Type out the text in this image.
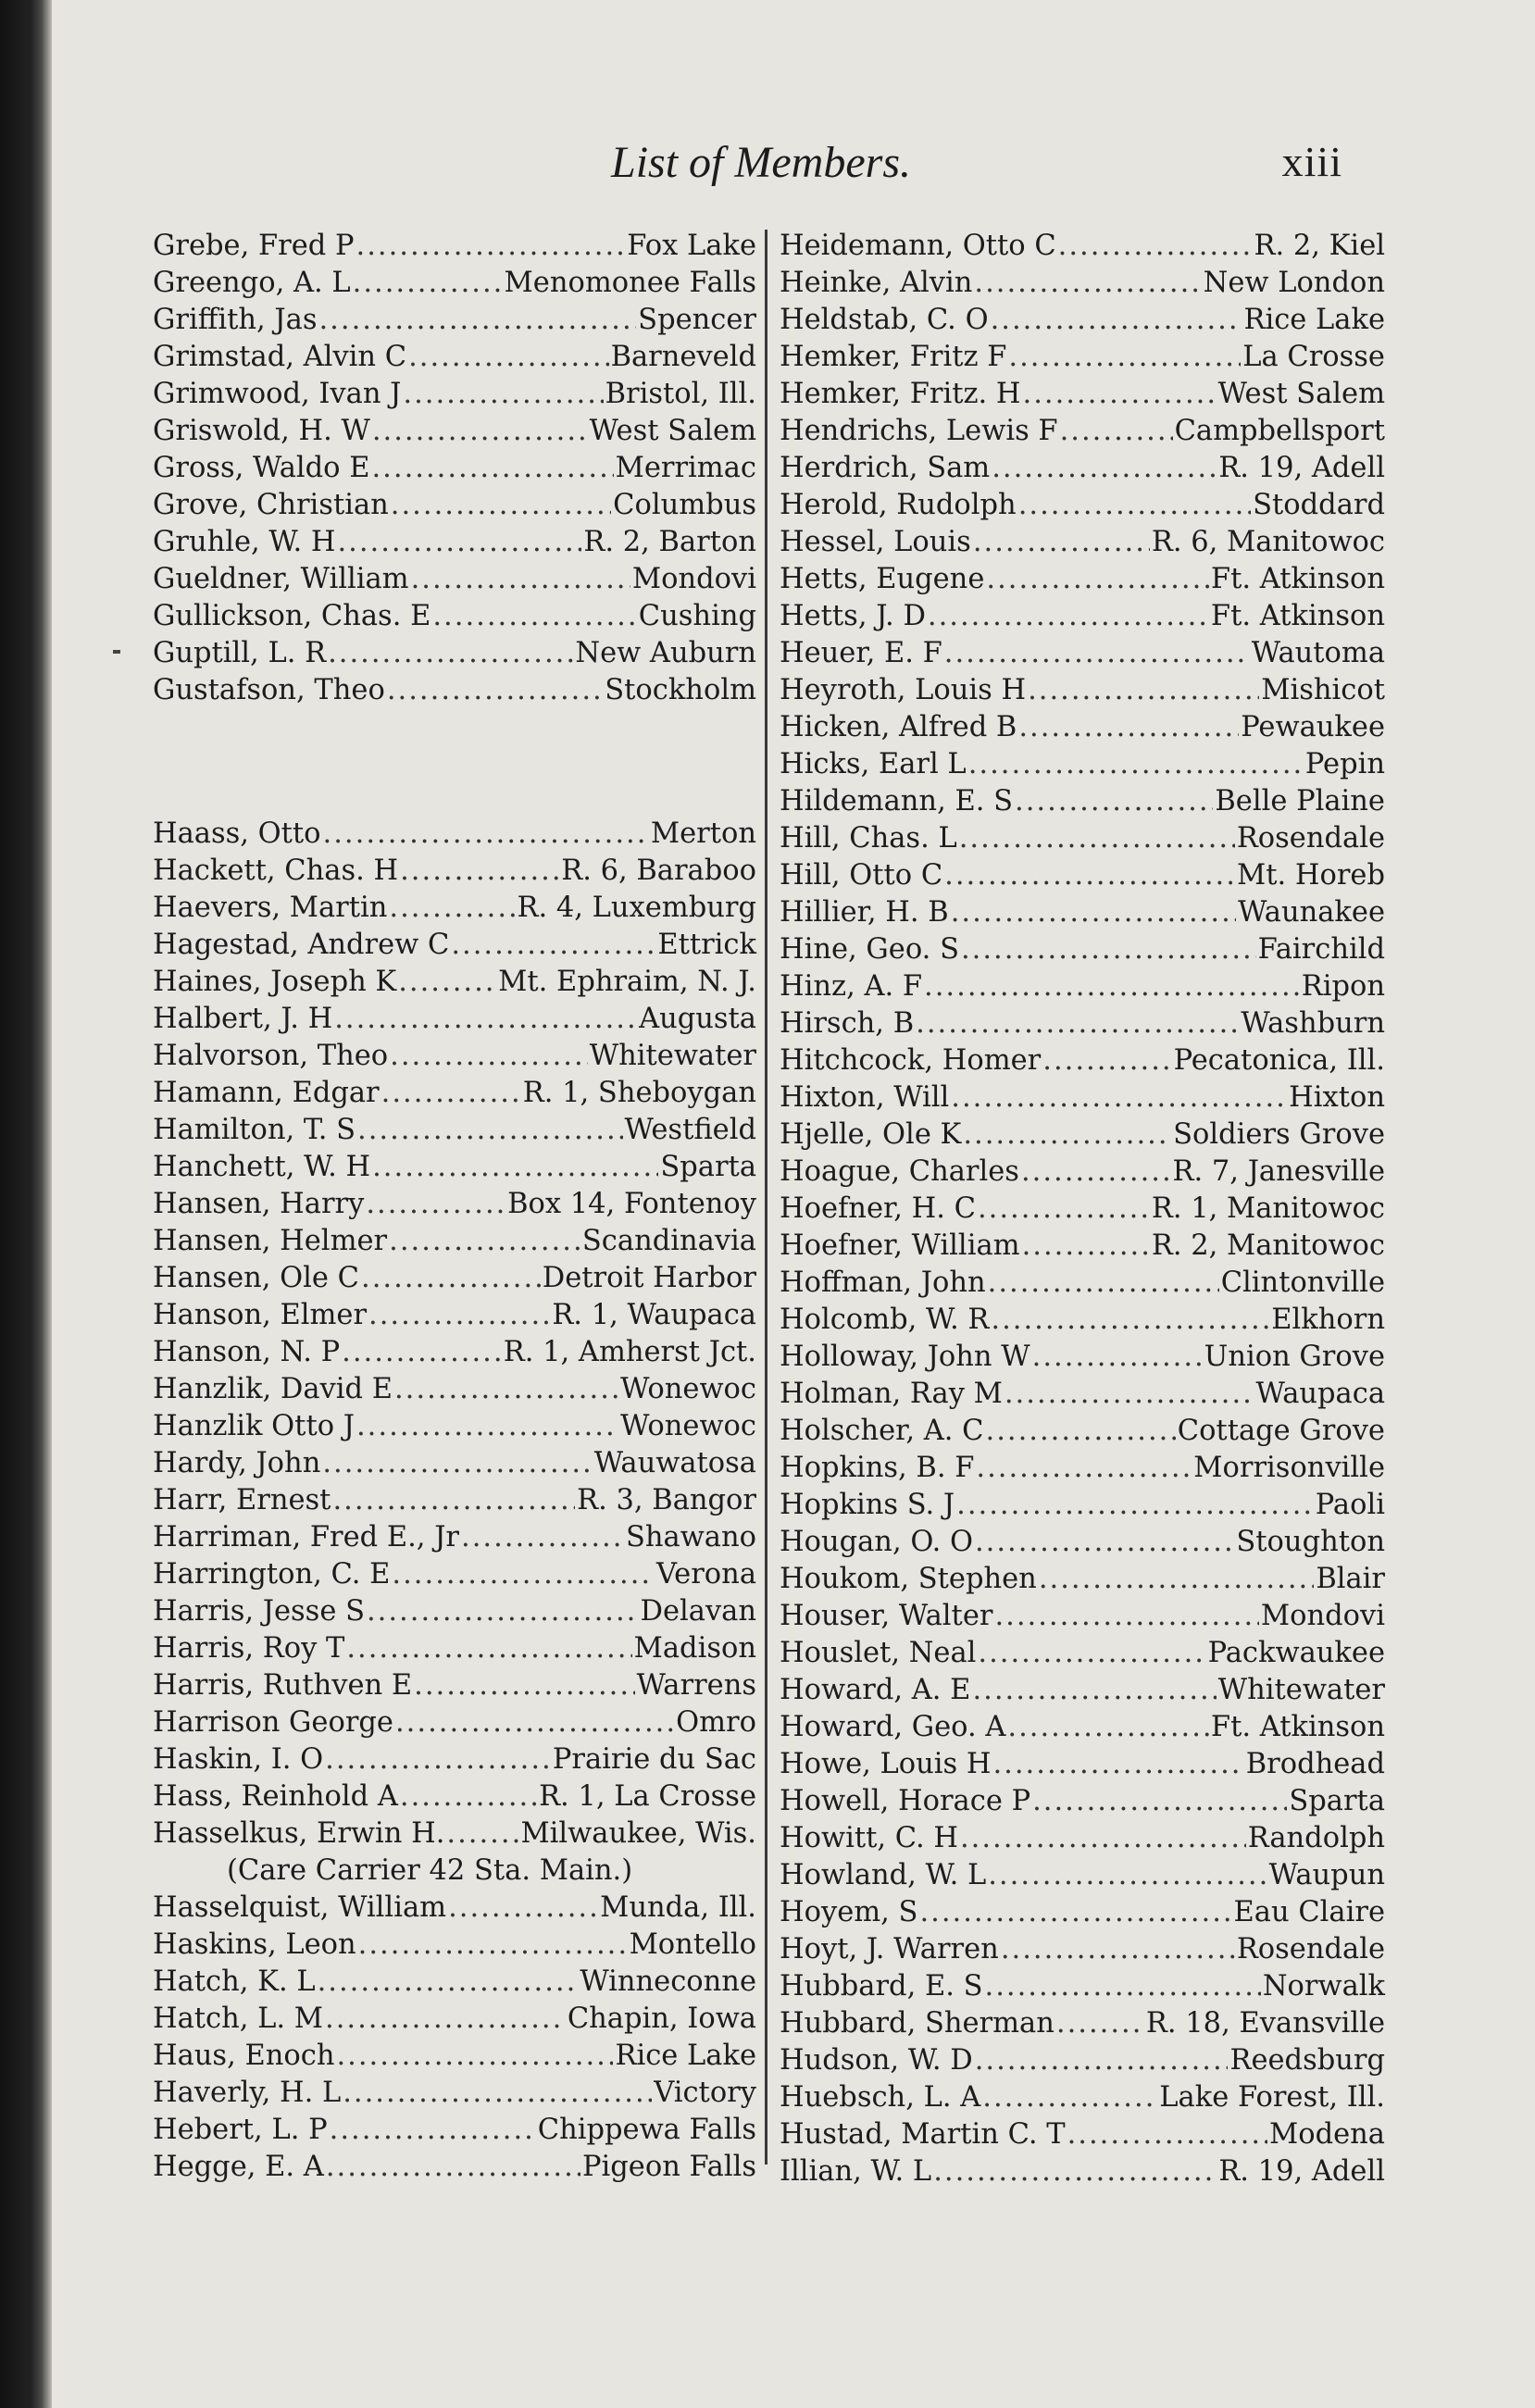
List of Members.	xiii
Grebe, Fred P .....	Fox Lake
Greengo, A. L .....	Menomonee Falls
Griffith, Jas .....	Spencer
Grimstad, Alvin C .....	Barneveld
Grimwood, Ivan J .....	Bristol, Ill.
Griswold, H. W .....	West Salem
Gross, Waldo E .....	Merrimac
Grove, Christian .....	Columbus
Gruhle, W. H .....	R. 2, Barton
Gueldner, William .....	Mondovi
Gullickson, Chas. E .....	Cushing
Guptill, L. R .....	New Auburn
Gustafson, Theo .....	Stockholm
Haass, Otto .....	Merton
Hackett, Chas. H .....	R. 6, Baraboo
Haevers, Martin .....	R. 4, Luxemburg
Hagestad, Andrew C .....	Ettrick
Haines, Joseph K .....	Mt. Ephraim, N. J.
Halbert, J. H .....	Augusta
Halvorson, Theo .....	Whitewater
Hamann, Edgar .....	R. 1, Sheboygan
Hamilton, T. S .....	Westfield
Hanchett, W. H .....	Sparta
Hansen, Harry .....	Box 14, Fontenoy
Hansen, Helmer .....	Scandinavia
Hansen, Ole C .....	Detroit Harbor
Hanson, Elmer .....	R. 1, Waupaca
Hanson, N. P .....	R. 1, Amherst Jct.
Hanzlik, David E .....	Wonewoc
Hanzlik Otto J .....	Wonewoc
Hardy, John .....	Wauwatosa
Harr, Ernest .....	R. 3, Bangor
Harriman, Fred E., Jr .....	Shawano
Harrington, C. E .....	Verona
Harris, Jesse S .....	Delavan
Harris, Roy T .....	Madison
Harris, Ruthven E .....	Warrens
Harrison George .....	Omro
Haskin, I. O .....	Prairie du Sac
Hass, Reinhold A .....	R. 1, La Crosse
Hasselkus, Erwin H. .....	Milwaukee, Wis.
(Care Carrier 42 Sta. Main.)
Hasselquist, William .....	Munda, Ill.
Haskins, Leon .....	Montello
Hatch, K. L .....	Winneconne
Hatch, L. M .....	Chapin, Iowa
Haus, Enoch .....	Rice Lake
Haverly, H. L .....	Victory
Hebert, L. P .....	Chippewa Falls
Hegge, E. A .....	Pigeon Falls
Heidemann, Otto C .....	R. 2, Kiel
Heinke, Alvin .....	New London
Heldstab, C. O .....	Rice Lake
Hemker, Fritz F .....	La Crosse
Hemker, Fritz. H .....	West Salem
Hendrichs, Lewis F .....	Campbellsport
Herdrich, Sam .....	R. 19, Adell
Herold, Rudolph .....	Stoddard
Hessel, Louis .....	R. 6, Manitowoc
Hetts, Eugene .....	Ft. Atkinson
Hetts, J. D .....	Ft. Atkinson
Heuer, E. F .....	Wautoma
Heyroth, Louis H .....	Mishicot
Hicken, Alfred B .....	Pewaukee
Hicks, Earl L .....	Pepin
Hildemann, E. S .....	Belle Plaine
Hill, Chas. L .....	Rosendale
Hill, Otto C .....	Mt. Horeb
Hillier, H. B .....	Waunakee
Hine, Geo. S .....	Fairchild
Hinz, A. F .....	Ripon
Hirsch, B .....	Washburn
Hitchcock, Homer .....	Pecatonica, Ill.
Hixton, Will .....	Hixton
Hjelle, Ole K .....	Soldiers Grove
Hoague, Charles .....	R. 7, Janesville
Hoefner, H. C .....	R. 1, Manitowoc
Hoefner, William .....	R. 2, Manitowoc
Hoffman, John .....	Clintonville
Holcomb, W. R .....	Elkhorn
Holloway, John W .....	Union Grove
Holman, Ray M .....	Waupaca
Holscher, A. C .....	Cottage Grove
Hopkins, B. F .....	Morrisonville
Hopkins S. J .....	Paoli
Hougan, O. O .....	Stoughton
Houkom, Stephen .....	Blair
Houser, Walter .....	Mondovi
Houslet, Neal .....	Packwaukee
Howard, A. E .....	Whitewater
Howard, Geo. A .....	Ft. Atkinson
Howe, Louis H .....	Brodhead
Howell, Horace P .....	Sparta
Howitt, C. H .....	Randolph
Howland, W. L .....	Waupun
Hoyem, S .....	Eau Claire
Hoyt, J. Warren .....	Rosendale
Hubbard, E. S .....	Norwalk
Hubbard, Sherman .....	R. 18, Evansville
Hudson, W. D .....	Reedsburg
Huebsch, L. A .....	Lake Forest, Ill.
Hustad, Martin C. T .....	Modena
Illian, W. L .....	R. 19, Adell
